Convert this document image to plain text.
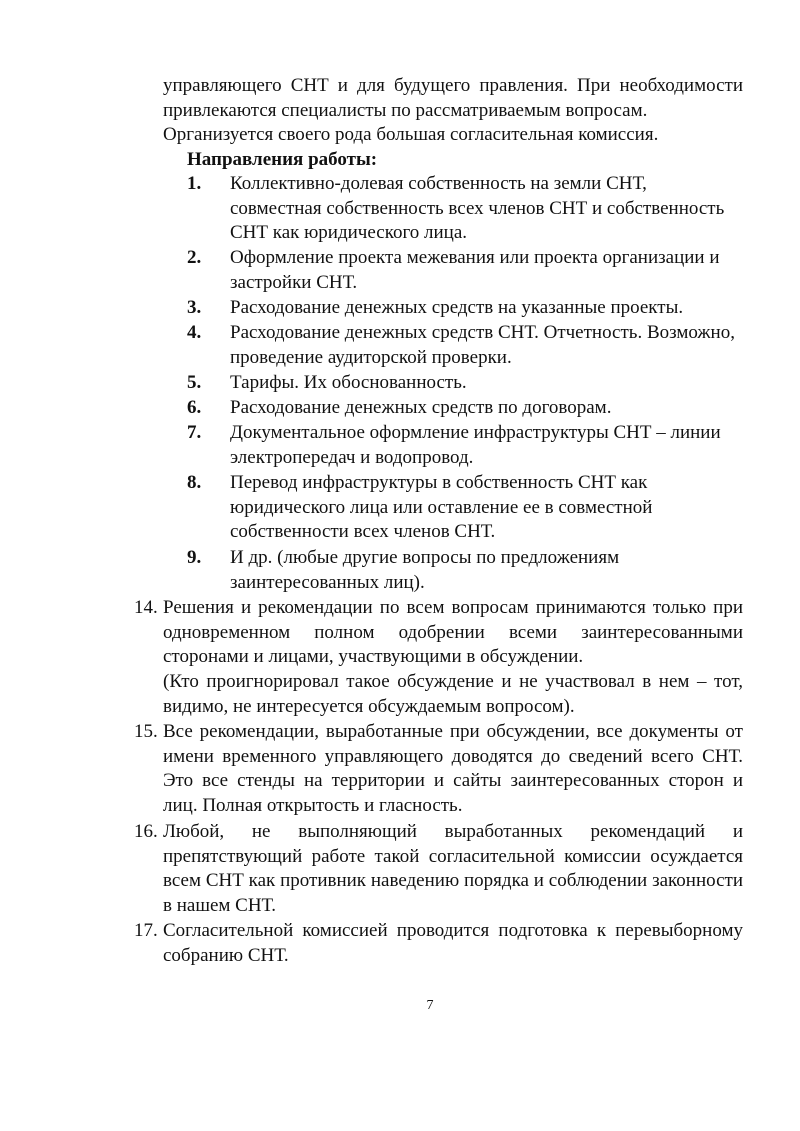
управляющего СНТ и для будущего правления. При необходимости привлекаются специалисты по рассматриваемым вопросам.
Организуется своего рода большая согласительная комиссия.
Направления работы:
1. Коллективно-долевая собственность на земли СНТ, совместная собственность всех членов СНТ и собственность СНТ как юридического лица.
2. Оформление проекта межевания или проекта организации и застройки СНТ.
3. Расходование денежных средств на указанные проекты.
4. Расходование денежных средств СНТ. Отчетность. Возможно, проведение аудиторской проверки.
5. Тарифы. Их обоснованность.
6. Расходование денежных средств по договорам.
7. Документальное оформление инфраструктуры СНТ – линии электропередач и водопровод.
8. Перевод инфраструктуры в собственность СНТ как юридического лица или оставление ее в совместной собственности всех членов СНТ.
9. И др. (любые другие вопросы по предложениям заинтересованных лиц).
14. Решения и рекомендации по всем вопросам принимаются только при одновременном полном одобрении всеми заинтересованными сторонами и лицами, участвующими в обсуждении.
(Кто проигнорировал такое обсуждение и не участвовал в нем – тот, видимо, не интересуется обсуждаемым вопросом).
15. Все рекомендации, выработанные при обсуждении, все документы от имени временного управляющего доводятся до сведений всего СНТ. Это все стенды на территории и сайты заинтересованных сторон и лиц. Полная открытость и гласность.
16. Любой, не выполняющий выработанных рекомендаций и препятствующий работе такой согласительной комиссии осуждается всем СНТ как противник наведению порядка и соблюдении законности в нашем СНТ.
17. Согласительной комиссией проводится подготовка к перевыборному собранию СНТ.
7
